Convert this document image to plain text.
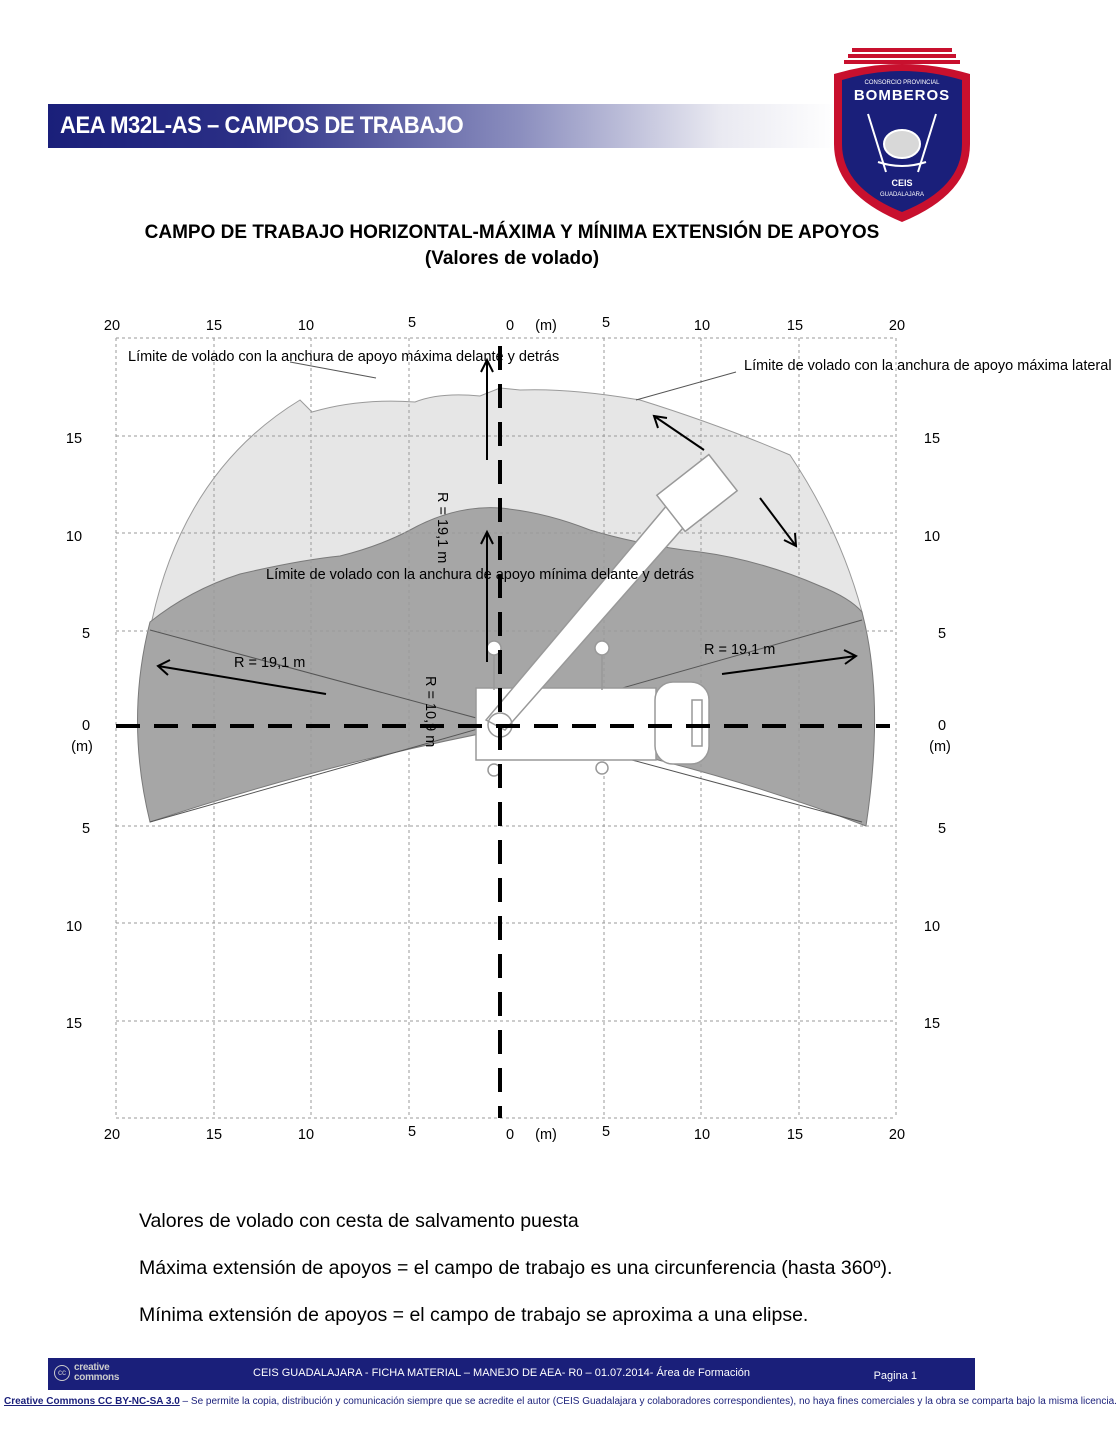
AEA M32L-AS – CAMPOS DE TRABAJO
CONSORCIO PROVINCIAL
BOMBEROS
CEIS
GUADALAJARA
CAMPO DE TRABAJO HORIZONTAL-MÁXIMA Y MÍNIMA EXTENSIÓN DE APOYOS
(Valores de volado)
20	15	10	5	0 (m)	5	10	15	20
20	15	10	5	0 (m)	5	10	15	20
15
10
5
0
(m)
5
10
15
15
10
5
0
(m)
5
10
15
Límite de volado con la anchura de apoyo máxima delante y detrás
Límite de volado con la anchura de apoyo máxima lateral
Límite de volado con la anchura de apoyo mínima delante y detrás
R = 19,1 m
R = 19,1 m
R = 19,1 m
R = 10,9 m

Valores de volado con cesta de salvamento puesta

Máxima extensión de apoyos = el campo de trabajo es una circunferencia (hasta 360º).

Mínima extensión de apoyos = el campo de trabajo se aproxima a una elipse.

cc creative commons	CEIS GUADALAJARA - FICHA MATERIAL – MANEJO DE AEA- R0 – 01.07.2014- Área de Formación	Pagina 1
Creative Commons CC BY-NC-SA 3.0 – Se permite la copia, distribución y comunicación siempre que se acredite el autor (CEIS Guadalajara y colaboradores correspondientes), no haya fines comerciales y la obra se comparta bajo la misma licencia.
